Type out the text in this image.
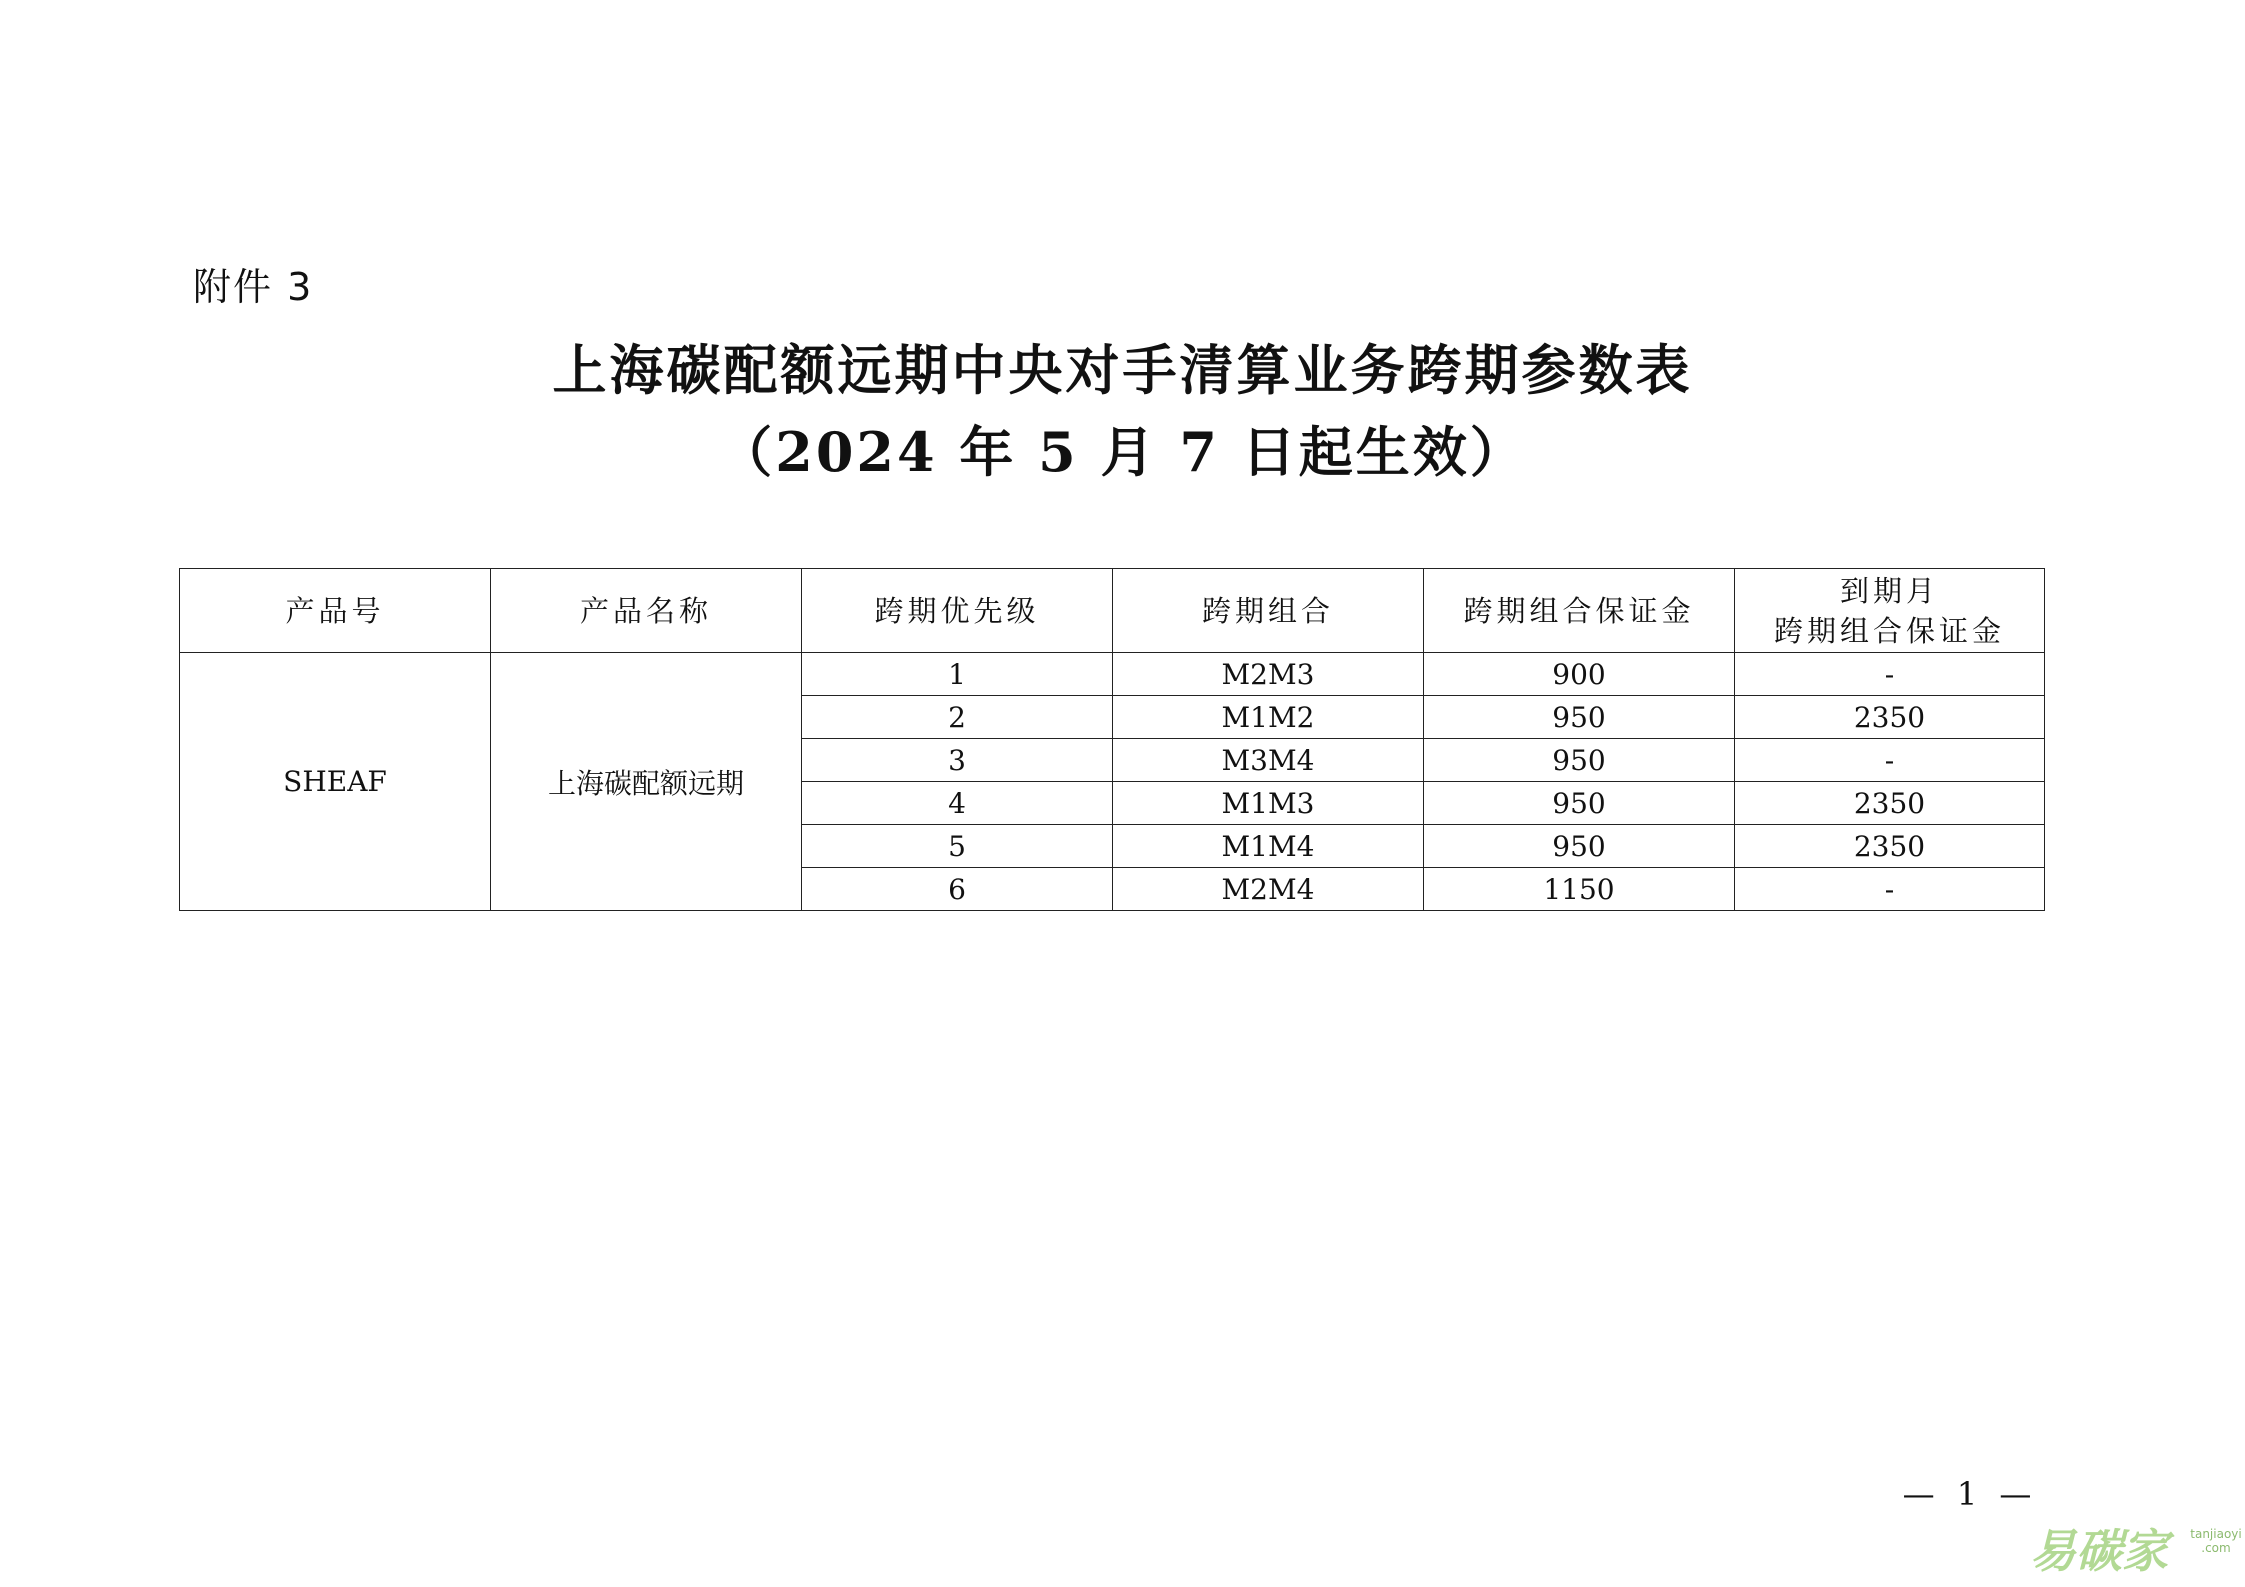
附件 3
上海碳配额远期中央对手清算业务跨期参数表
（2024 年 5 月 7 日起生效）
产品号	产品名称	跨期优先级	跨期组合	跨期组合保证金	到期月
跨期组合保证金

SHEAF	上海碳配额远期	1	M2M3	900	-
		2	M1M2	950	2350
		3	M3M4	950	-
		4	M1M3	950	2350
		5	M1M4	950	2350
		6	M2M4	1150	-
— 1 —
易碳家 tanjiaoyi .com
